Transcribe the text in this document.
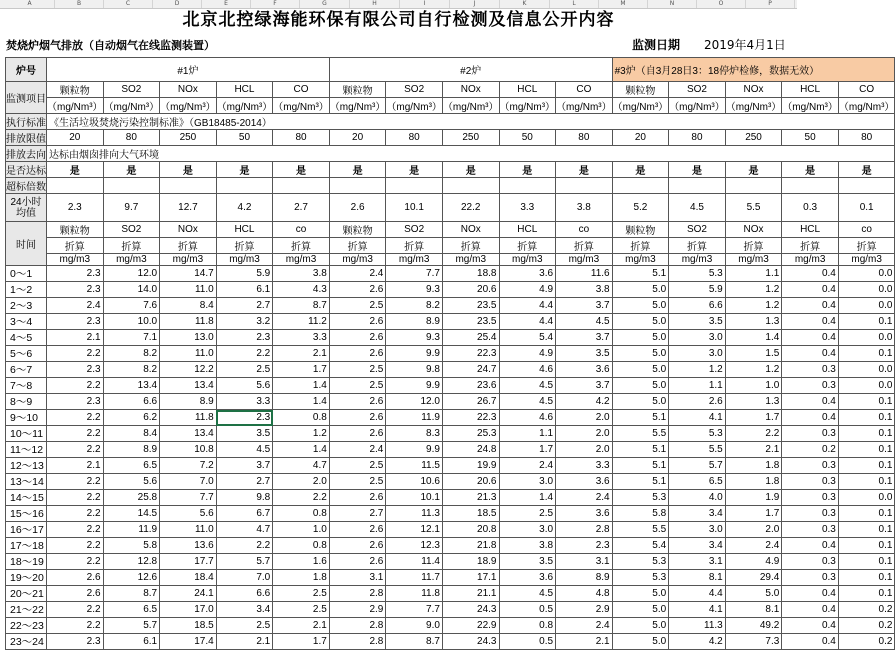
A	B	C	D	E	F	G	H	I	J	K	L	M	N	O	P
北京北控绿海能环保有限公司自行检测及信息公开内容
焚烧炉烟气排放（自动烟气在线监测装置）	监测日期 2019年4月1日
炉号	#1炉					#2炉					#3炉（自3月28日3：18停炉检修，数据无效）				
监测项目	颗粒物	SO2	NOx	HCL	CO	颗粒物	SO2	NOx	HCL	CO	颗粒物	SO2	NOx	HCL	CO
	（mg/Nm³）	（mg/Nm³）	（mg/Nm³）	（mg/Nm³）	（mg/Nm³）	（mg/Nm³）	（mg/Nm³）	（mg/Nm³）	（mg/Nm³）	（mg/Nm³）	（mg/Nm³）	（mg/Nm³）	（mg/Nm³）	（mg/Nm³）	（mg/Nm³）
执行标准	《生活垃圾焚烧污染控制标准》（GB18485-2014）														
排放限值	20	80	250	50	80	20	80	250	50	80	20	80	250	50	80
排放去向	达标由烟囱排向大气环境														
是否达标	是	是	是	是	是	是	是	是	是	是	是	是	是	是	是
超标倍数															
24小时均值	2.3	9.7	12.7	4.2	2.7	2.6	10.1	22.2	3.3	3.8	5.2	4.5	5.5	0.3	0.1
时间	颗粒物	SO2	NOx	HCL	co	颗粒物	SO2	NOx	HCL	co	颗粒物	SO2	NOx	HCL	co
	折算	折算	折算	折算	折算	折算	折算	折算	折算	折算	折算	折算	折算	折算	折算
	mg/m3	mg/m3	mg/m3	mg/m3	mg/m3	mg/m3	mg/m3	mg/m3	mg/m3	mg/m3	mg/m3	mg/m3	mg/m3	mg/m3	mg/m3
0～1	2.3	12.0	14.7	5.9	3.8	2.4	7.7	18.8	3.6	11.6	5.1	5.3	1.1	0.4	0.0
1～2	2.3	14.0	11.0	6.1	4.3	2.6	9.3	20.6	4.9	3.8	5.0	5.9	1.2	0.4	0.0
2～3	2.4	7.6	8.4	2.7	8.7	2.5	8.2	23.5	4.4	3.7	5.0	6.6	1.2	0.4	0.0
3～4	2.3	10.0	11.8	3.2	11.2	2.6	8.9	23.5	4.4	4.5	5.0	3.5	1.3	0.4	0.1
4～5	2.1	7.1	13.0	2.3	3.3	2.6	9.3	25.4	5.4	3.7	5.0	3.0	1.4	0.4	0.0
5～6	2.2	8.2	11.0	2.2	2.1	2.6	9.9	22.3	4.9	3.5	5.0	3.0	1.5	0.4	0.1
6～7	2.3	8.2	12.2	2.5	1.7	2.5	9.8	24.7	4.6	3.6	5.0	1.2	1.2	0.3	0.0
7～8	2.2	13.4	13.4	5.6	1.4	2.5	9.9	23.6	4.5	3.7	5.0	1.1	1.0	0.3	0.0
8～9	2.3	6.6	8.9	3.3	1.4	2.6	12.0	26.7	4.5	4.2	5.0	2.6	1.3	0.4	0.1
9～10	2.2	6.2	11.8	2.3	0.8	2.6	11.9	22.3	4.6	2.0	5.1	4.1	1.7	0.4	0.1
10～11	2.2	8.4	13.4	3.5	1.2	2.6	8.3	25.3	1.1	2.0	5.5	5.3	2.2	0.3	0.1
11～12	2.2	8.9	10.8	4.5	1.4	2.4	9.9	24.8	1.7	2.0	5.1	5.5	2.1	0.2	0.1
12～13	2.1	6.5	7.2	3.7	4.7	2.5	11.5	19.9	2.4	3.3	5.1	5.7	1.8	0.3	0.1
13～14	2.2	5.6	7.0	2.7	2.0	2.5	10.6	20.6	3.0	3.6	5.1	6.5	1.8	0.3	0.1
14～15	2.2	25.8	7.7	9.8	2.2	2.6	10.1	21.3	1.4	2.4	5.3	4.0	1.9	0.3	0.0
15～16	2.2	14.5	5.6	6.7	0.8	2.7	11.3	18.5	2.5	3.6	5.8	3.4	1.7	0.3	0.1
16～17	2.2	11.9	11.0	4.7	1.0	2.6	12.1	20.8	3.0	2.8	5.5	3.0	2.0	0.3	0.1
17～18	2.2	5.8	13.6	2.2	0.8	2.6	12.3	21.8	3.8	2.3	5.4	3.4	2.4	0.4	0.1
18～19	2.2	12.8	17.7	5.7	1.6	2.6	11.4	18.9	3.5	3.1	5.3	3.1	4.9	0.3	0.1
19～20	2.6	12.6	18.4	7.0	1.8	3.1	11.7	17.1	3.6	8.9	5.3	8.1	29.4	0.3	0.1
20～21	2.6	8.7	24.1	6.6	2.5	2.8	11.8	21.1	4.5	4.8	5.0	4.4	5.0	0.4	0.1
21～22	2.2	6.5	17.0	3.4	2.5	2.9	7.7	24.3	0.5	2.9	5.0	4.1	8.1	0.4	0.2
22～23	2.2	5.7	18.5	2.5	2.1	2.8	9.0	22.9	0.8	2.4	5.0	11.3	49.2	0.4	0.2
23～24	2.3	6.1	17.4	2.1	1.7	2.8	8.7	24.3	0.5	2.1	5.0	4.2	7.3	0.4	0.2
